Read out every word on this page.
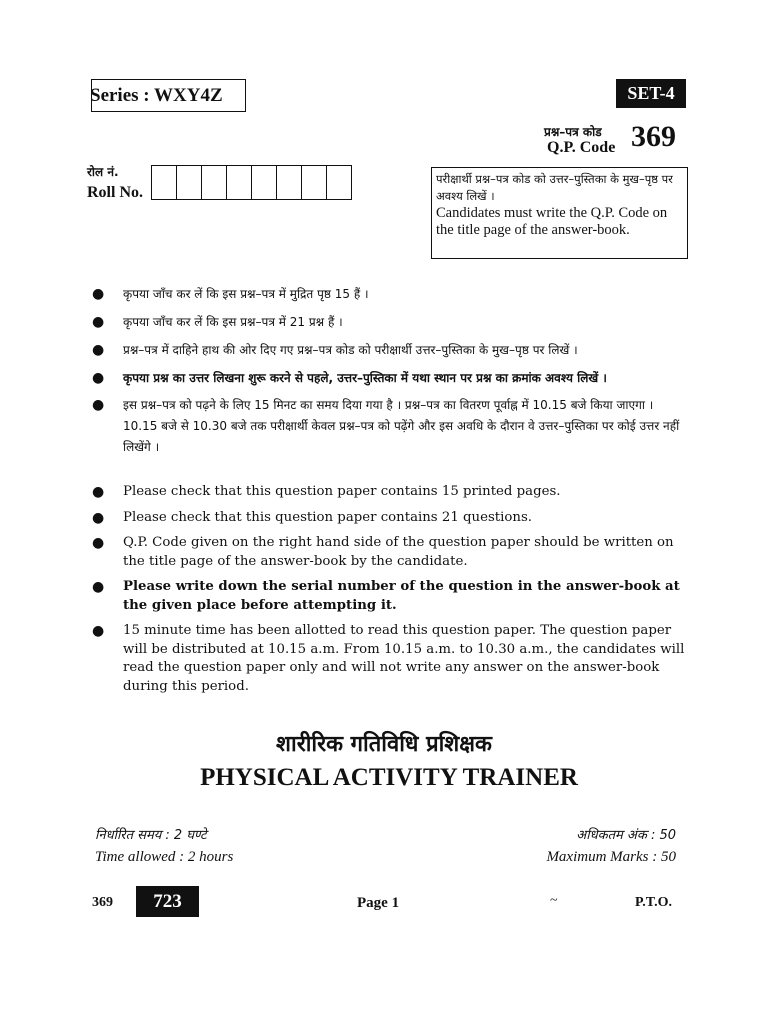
Series : WXY4Z	SET-4
प्रश्न–पत्र कोड
Q.P. Code 369
रोल नं.
Roll No.
परीक्षार्थी प्रश्न–पत्र कोड को उत्तर–पुस्तिका के मुख–पृष्ठ पर अवश्य लिखें ।
Candidates must write the Q.P. Code on the title page of the answer-book.
● कृपया जाँच कर लें कि इस प्रश्न–पत्र में मुद्रित पृष्ठ 15 हैं ।
● कृपया जाँच कर लें कि इस प्रश्न–पत्र में 21 प्रश्न हैं ।
● प्रश्न–पत्र में दाहिने हाथ की ओर दिए गए प्रश्न–पत्र कोड को परीक्षार्थी उत्तर–पुस्तिका के मुख–पृष्ठ पर लिखें ।
● कृपया प्रश्न का उत्तर लिखना शुरू करने से पहले, उत्तर–पुस्तिका में यथा स्थान पर प्रश्न का क्रमांक अवश्य लिखें ।
● इस प्रश्न–पत्र को पढ़ने के लिए 15 मिनट का समय दिया गया है । प्रश्न–पत्र का वितरण पूर्वाह्न में 10.15 बजे किया जाएगा । 10.15 बजे से 10.30 बजे तक परीक्षार्थी केवल प्रश्न–पत्र को पढ़ेंगे और इस अवधि के दौरान वे उत्तर–पुस्तिका पर कोई उत्तर नहीं लिखेंगे ।
● Please check that this question paper contains 15 printed pages.
● Please check that this question paper contains 21 questions.
● Q.P. Code given on the right hand side of the question paper should be written on the title page of the answer-book by the candidate.
● Please write down the serial number of the question in the answer-book at the given place before attempting it.
● 15 minute time has been allotted to read this question paper. The question paper will be distributed at 10.15 a.m. From 10.15 a.m. to 10.30 a.m., the candidates will read the question paper only and will not write any answer on the answer-book during this period.
शारीरिक गतिविधि प्रशिक्षक
PHYSICAL ACTIVITY TRAINER
निर्धारित समय : 2 घण्टे
Time allowed : 2 hours
अधिकतम अंक : 50
Maximum Marks : 50
369	723	Page 1	~	P.T.O.
